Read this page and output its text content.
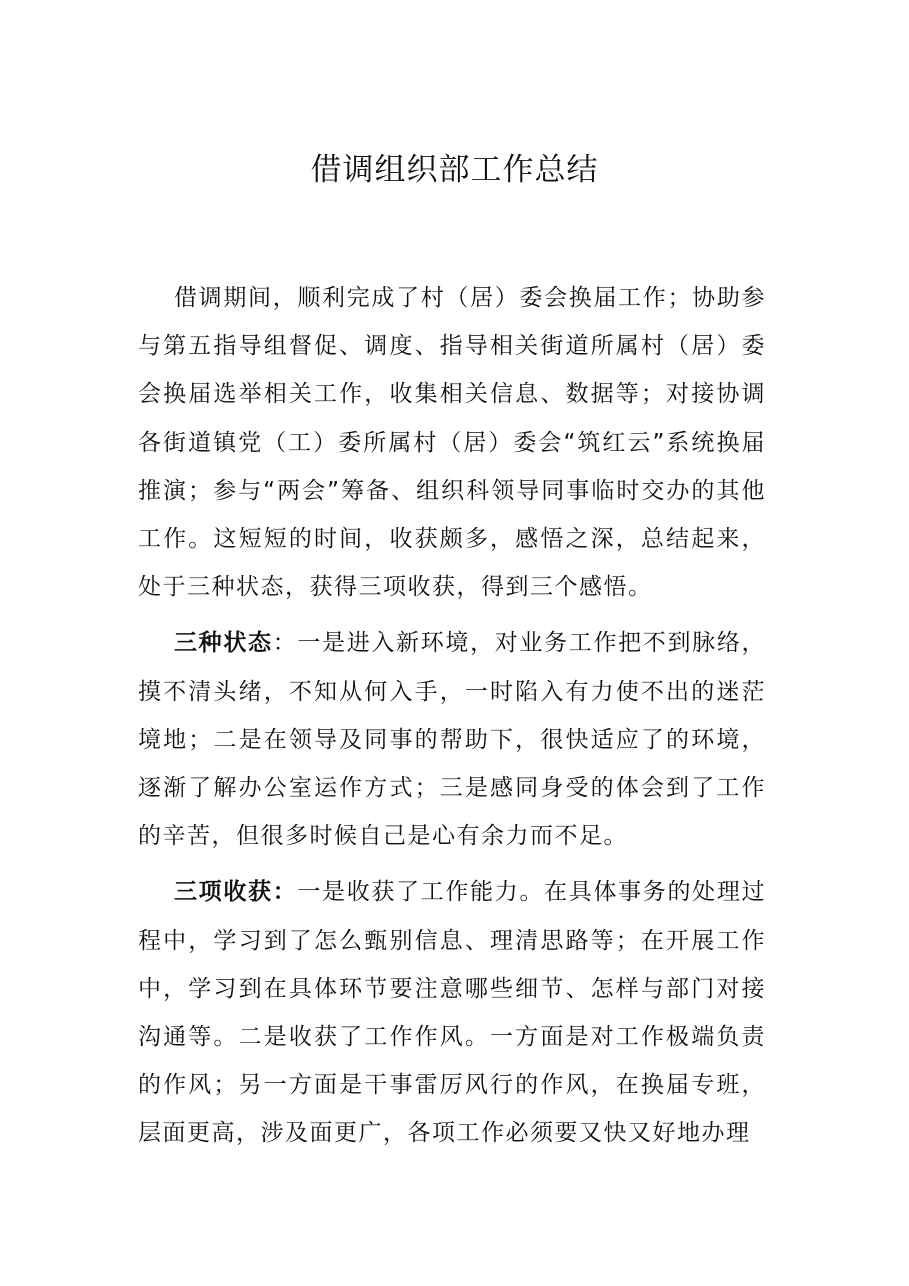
借调组织部工作总结

借调期间，顺利完成了村（居）委会换届工作；协助参与第五指导组督促、调度、指导相关街道所属村（居）委会换届选举相关工作，收集相关信息、数据等；对接协调各街道镇党（工）委所属村（居）委会“筑红云”系统换届推演；参与“两会”筹备、组织科领导同事临时交办的其他工作。这短短的时间，收获颇多，感悟之深，总结起来，处于三种状态，获得三项收获，得到三个感悟。

三种状态：一是进入新环境，对业务工作把不到脉络，摸不清头绪，不知从何入手，一时陷入有力使不出的迷茫境地；二是在领导及同事的帮助下，很快适应了的环境，逐渐了解办公室运作方式；三是感同身受的体会到了工作的辛苦，但很多时候自己是心有余力而不足。

三项收获：一是收获了工作能力。在具体事务的处理过程中，学习到了怎么甄别信息、理清思路等；在开展工作中，学习到在具体环节要注意哪些细节、怎样与部门对接沟通等。二是收获了工作作风。一方面是对工作极端负责的作风；另一方面是干事雷厉风行的作风，在换届专班，层面更高，涉及面更广，各项工作必须要又快又好地办理
